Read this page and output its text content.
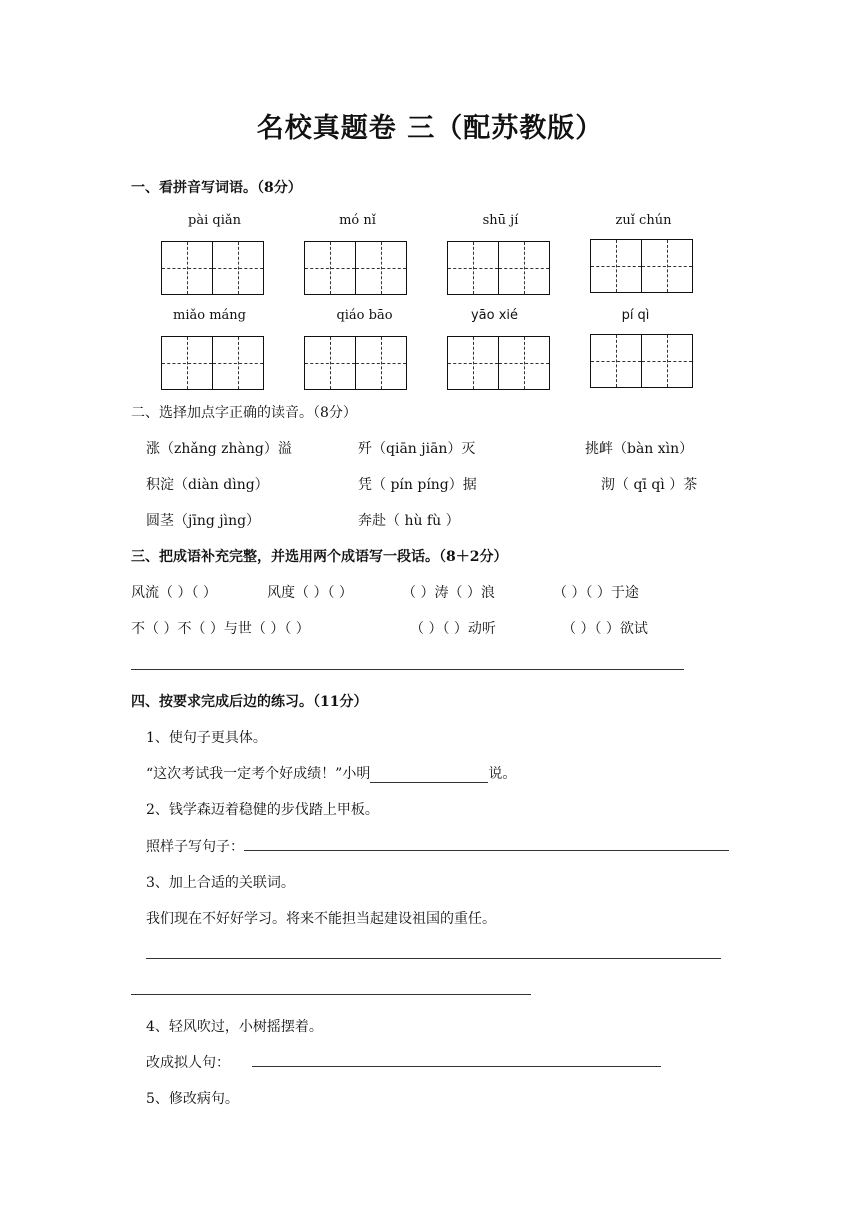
名校真题卷 三（配苏教版）
一、看拼音写词语。（8分）
pài qiǎn	mó nǐ	shū jí	zuǐ chún
miǎo máng	qiáo bāo	yāo xié	pí qì
二、选择加点字正确的读音。（8分）
涨（zhǎng zhàng）溢	歼（qiān jiān）灭	挑衅（bàn xìn）
积淀（diàn dìng）	凭（ pín píng）据	沏（ qī qì ）茶
圆茎（jīng jìng）	奔赴（ hù fù ）
三、把成语补充完整，并选用两个成语写一段话。（8＋2分）
风流（ ）（ ）	风度（ ）（ ）	（ ）涛（ ）浪	（ ）（ ）于途
不（ ）不（ ）与世（ ）（ ）	（ ）（ ）动听	（ ）（ ）欲试
四、按要求完成后边的练习。（11分）
1、使句子更具体。
“这次考试我一定考个好成绩！”小明	说。
2、钱学森迈着稳健的步伐踏上甲板。
照样子写句子：
3、加上合适的关联词。
我们现在不好好学习。将来不能担当起建设祖国的重任。
4、轻风吹过，小树摇摆着。
改成拟人句：
5、修改病句。
